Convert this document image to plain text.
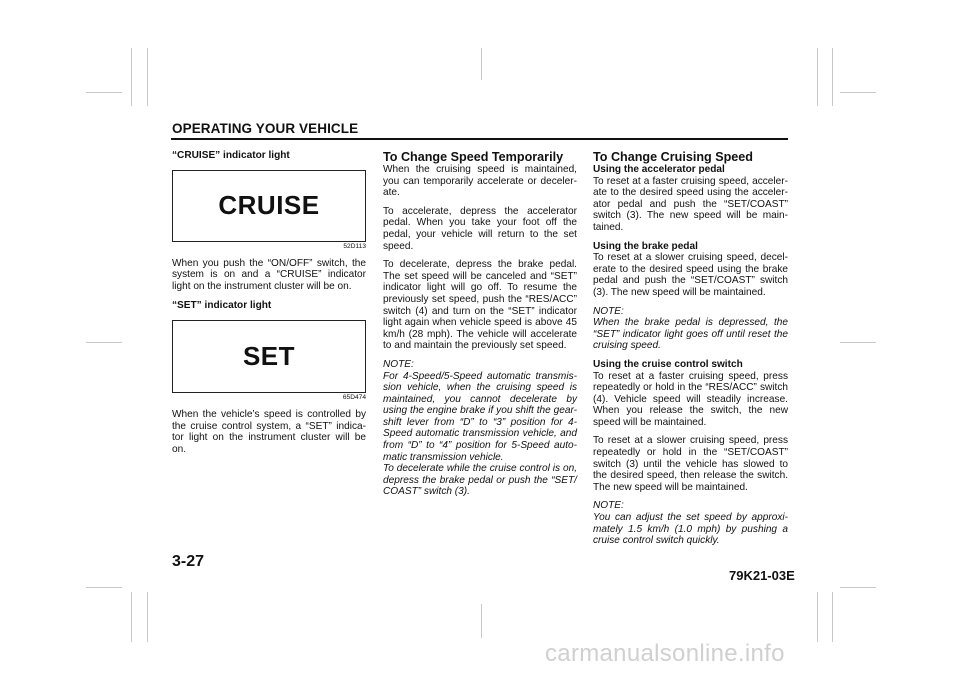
OPERATING YOUR VEHICLE

“CRUISE” indicator light

CRUISE
52D113

When you push the “ON/OFF” switch, the system is on and a “CRUISE” indicator light on the instrument cluster will be on.

“SET” indicator light

SET
65D474

When the vehicle’s speed is controlled by the cruise control system, a “SET” indica-tor light on the instrument cluster will be on.

To Change Speed Temporarily

When the cruising speed is maintained, you can temporarily accelerate or deceler-ate.

To accelerate, depress the accelerator pedal. When you take your foot off the pedal, your vehicle will return to the set speed.

To decelerate, depress the brake pedal. The set speed will be canceled and “SET” indicator light will go off. To resume the previously set speed, push the “RES/ACC” switch (4) and turn on the “SET” indicator light again when vehicle speed is above 45 km/h (28 mph). The vehicle will accelerate to and maintain the previously set speed.

NOTE:

For 4-Speed/5-Speed automatic transmis-sion vehicle, when the cruising speed is maintained, you cannot decelerate by using the engine brake if you shift the gear-shift lever from “D” to “3” position for 4-Speed automatic transmission vehicle, and from “D” to “4” position for 5-Speed auto-matic transmission vehicle.

To decelerate while the cruise control is on, depress the brake pedal or push the “SET/ COAST” switch (3).

To Change Cruising Speed
Using the accelerator pedal

To reset at a faster cruising speed, acceler-ate to the desired speed using the acceler-ator pedal and push the “SET/COAST” switch (3). The new speed will be main-tained.

Using the brake pedal

To reset at a slower cruising speed, decel-erate to the desired speed using the brake pedal and push the “SET/COAST” switch (3). The new speed will be maintained.

NOTE:

When the brake pedal is depressed, the “SET” indicator light goes off until reset the cruising speed.

Using the cruise control switch

To reset at a faster cruising speed, press repeatedly or hold in the “RES/ACC” switch (4). Vehicle speed will steadily increase. When you release the switch, the new speed will be maintained.

To reset at a slower cruising speed, press repeatedly or hold in the “SET/COAST” switch (3) until the vehicle has slowed to the desired speed, then release the switch. The new speed will be maintained.

NOTE:

You can adjust the set speed by approxi-mately 1.5 km/h (1.0 mph) by pushing a cruise control switch quickly.

3-27
79K21-03E
carmanualsonline.info
